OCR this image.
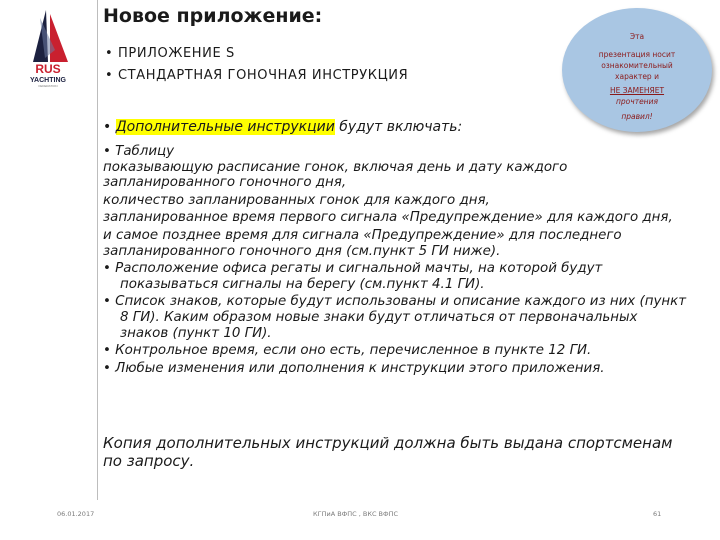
RUS
YACHTING
FEDERATION
Новое приложение:
• ПРИЛОЖЕНИЕ S
• СТАНДАРТНАЯ ГОНОЧНАЯ ИНСТРУКЦИЯ
Эта
презентация носит
ознакомительный
характер и
НЕ ЗАМЕНЯЕТ
прочтения
правил!
• Дополнительные инструкции будут включать:
• Таблицу
показывающую расписание гонок, включая день и дату каждого
запланированного гоночного дня,
количество запланированных гонок для каждого дня,
запланированное время первого сигнала «Предупреждение» для каждого дня,
и самое позднее время для сигнала «Предупреждение» для последнего
запланированного гоночного дня (см.пункт 5 ГИ ниже).
• Расположение офиса регаты и сигнальной мачты, на которой будут
показываться сигналы на берегу (см.пункт 4.1 ГИ).
• Список знаков, которые будут использованы и описание каждого из них (пункт
8 ГИ). Каким образом новые знаки будут отличаться от первоначальных
знаков (пункт 10 ГИ).
• Контрольное время, если оно есть, перечисленное в пункте 12 ГИ.
• Любые изменения или дополнения к инструкции этого приложения.
Копия дополнительных инструкций должна быть выдана спортсменам
по запросу.
06.01.2017	КГПиА ВФПС , ВКС ВФПС	61
